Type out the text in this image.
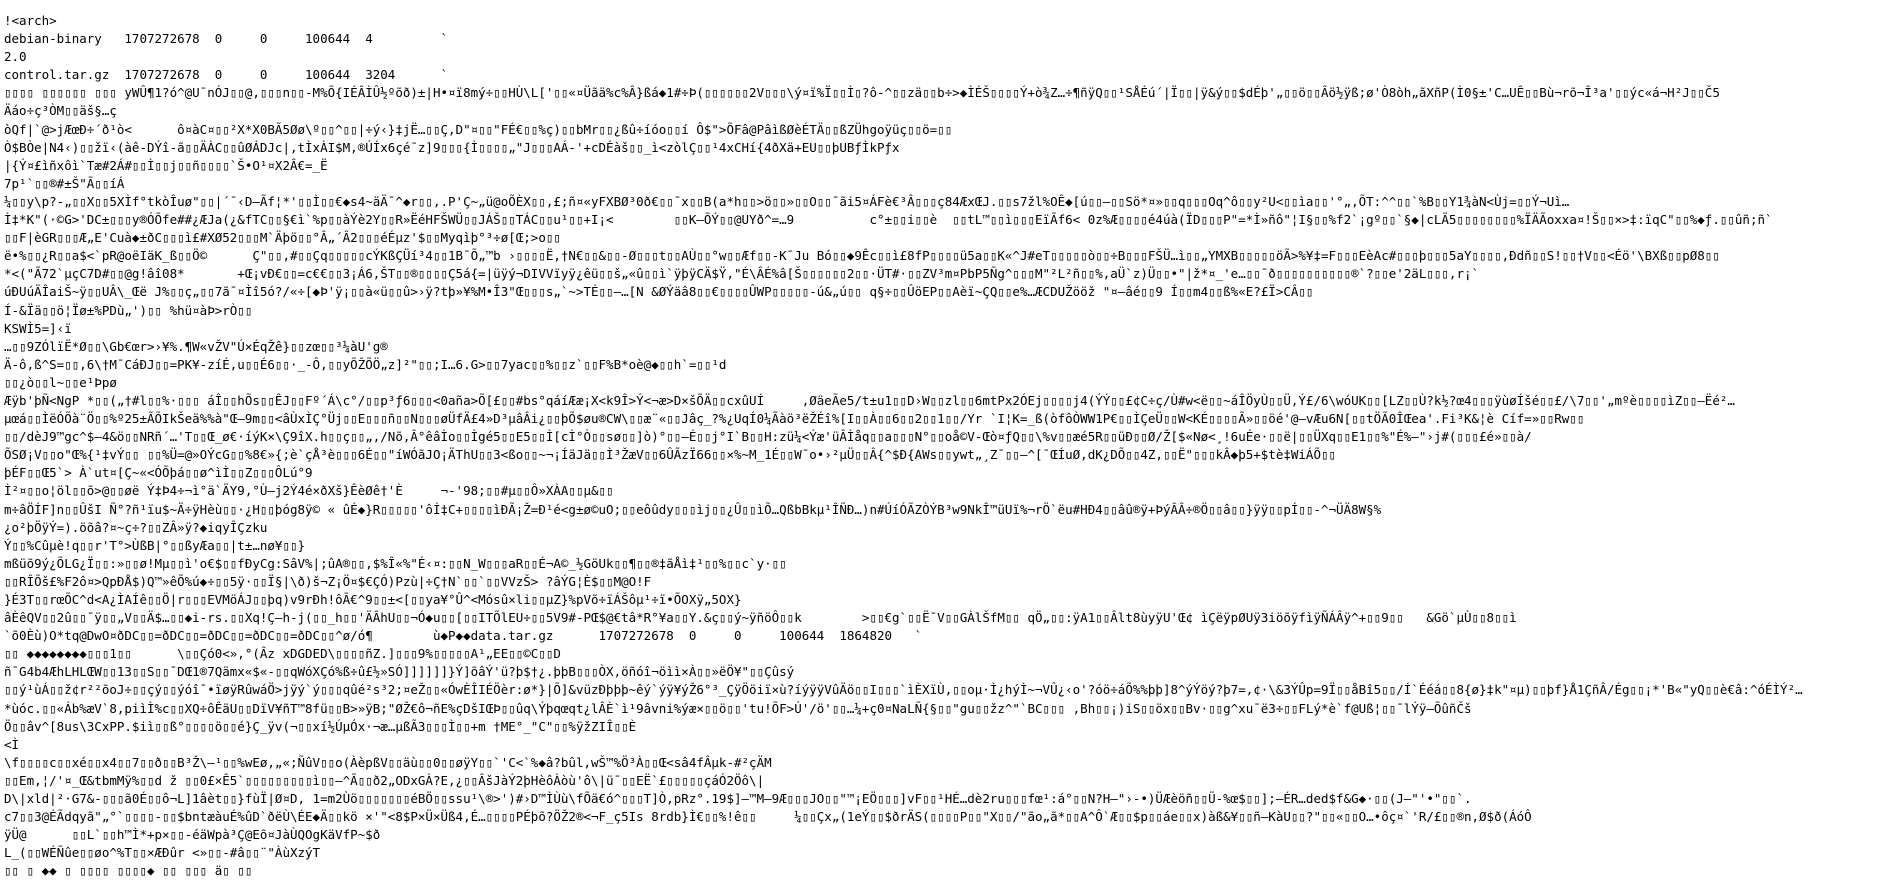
!<arch>
debian-binary   1707272678  0     0     100644  4         `
2.0
control.tar.gz  1707272678  0     0     100644  3204      `
▯▯▯▯ ▯▯▯▯▯▯ ▯▯▯ yWÛ¶1?ó^@U¯nÓJ▯▯@,▯▯▯n▯▯-M%Õ{IÉÂÌÛ½ºõð)±|H•¤ï8mý÷▯▯HÙ\L['▯▯«¤Üãä%c%Â}ßá◆1#÷Þ(▯▯▯▯▯▯2V▯▯▯\ý¤ï%Ï▯▯Ì▯?ô-^▯▯zä▯▯b÷>◆ÌÉŠ▯▯▯▯Ý+ò¾Z…÷¶ñÿQ▯▯¹SÅÉú´|Ï▯▯|ÿ&ý▯▯$dÉþ'„▯▯ö▯▯Âö½ÿß;ø'Ò8òh„ãXñP(Ì0§±'C…UÊ▯▯Bù¬rõ¬Î³a'▯▯ýc«á¬H²J▯▯Č5
Äáo÷ç³ÒM▯▯äš§…ç
òQf|`@>jÆœÐ÷´ð¹ò<      ô¤àC¤▯▯²X*X0BÃ5Øø\º▯▯^▯▯|÷ý‹}‡jË…▯▯Ç,D"¤▯▯"FÉ€▯▯%ç)▯▯bMr▯▯¿ßû÷íóo▯▯í Ô$">ÕFâ@PâìßØèÉTÄ▯▯ßZÜhgoÿüç▯▯ö=▯▯
Ò$BÒe|N4‹)▯▯žï‹(àê-DÝî-ã▯▯ÄÀC▯▯ûØÁDJc|,tÌxÀI$M,®ÚÍx6çé¯z]9▯▯▯{Ì▯▯▯▯„"J▯▯▯AÁ-'+cDÉàš▯▯_ì<zòlÇ▯▯¹4xCHí{4ðXä+EU▯▯þUBƒÌkPƒx
|{Ý¤£ìñxôì`Tæ#2Á#▯▯Ì▯▯j▯▯ñ▯▯▯▯`Š•O¹¤X2Â€=_Ë
7p¹`▯▯®#±Š"Ã▯▯íÁ
¼▯▯y\p?-„▯▯X▯▯5XÌf°tkòÎuø"▯▯|´¯‹D–Ãf¦*'▯▯Ì▯▯€◆s4~äÄ¯^◆r▯▯,.P'Ç~„ü@oÕÈX▯▯,£;ñ¤«yFXBØ³0ð€▯▯¯x▯▯B(a*h▯▯>ö▯▯»▯▯O▯▯¯ãi5¤ÁFè€³Â▯▯▯ç84ÆxŒJ.▯▯s7žl%OÊ◆[ú▯▯–▯▯Sö*¤»▯▯q▯▯▯Oq^ô▯▯y²U<▯▯ìa▯▯'°„,ÕT:^^▯▯`%B▯▯Y1¾àN<Ùj=▯▯Ý¬Uì…
Ì‡*K"(·©G>'DC±▯▯▯y®ÓÕfe##¿ÆJa(¿&fTC▯▯§€ì`%p▯▯àÝè2Y▯▯R»ËéHFŠWÜ▯▯JÁŠ▯▯TÁC▯▯u¹▯▯+I¡<        ▯▯K–ÕÝ▯▯@UYð^=…9          c°±▯▯i▯▯è  ▯▯tL™▯▯ì▯▯▯EïÃf6< 0z%Æ▯▯▯▯é4úà(ÏD▯▯▯P"=*Ì»ñô"¦I§▯▯%f2`¡gº▯▯`§◆|cLÄ5▯▯▯▯▯▯▯▯%ÏÄÃoxxa¤!Š▯▯×>‡:ïqC"▯▯%◆ƒ.▯▯ûñ;ñ`
▯▯F|èGR▯▯▯Æ„E'Cuà◆±ðC▯▯▯ì£#XØ52▯▯▯M`Äþö▯▯°Â„´Â2▯▯▯éÉµz'$▯▯Myqìþ°³÷ø[Œ;>o▯▯
ë•%▯▯¿R▯▯a$<`pR@oëIäK_ß▯▯Ö©      Ç"▯▯,#▯▯Çq▯▯▯▯▯cÝKßÇÜí³4▯▯1B¯Õ„™b ›▯▯▯▯Ë,†N€▯▯&▯▯-Ø▯▯▯t▯▯AÙ▯▯°w▯▯Æf▯▯-K¯Ju Bó▯▯◆9Êc▯▯ì£8fP▯▯▯▯ü5a▯▯K«^J#eT▯▯▯▯▯ò▯▯÷B▯▯▯FŠÜ…ì▯▯„YMXB▯▯▯▯▯öÃ>%¥‡=F▯▯▯EèAc#▯▯▯þ▯▯▯5aY▯▯▯▯,Ðdñ▯▯S!▯▯†V▯▯<Éö'\BXß▯▯pØ8▯▯
*<("Ã72`µçC7D#▯▯@g!âî08*       +Œ¡vÐ€▯▯=c€€▯▯3¡Á6,ŠT▯▯®▯▯▯▯Ç5á{=|üÿý¬DIVVïyÿ¿êü▯▯š„«û▯▯ì`ÿþÿCÄ$Ÿ,"É\ÂÉ%â[Š▯▯▯▯▯▯2▯▯·ÜT#·▯▯ZV³m¤PbP5Ñg^▯▯▯M"²L²ñ▯▯%,aÜ`z)Ü▯▯•"|ž*¤_'e…▯▯¯ð▯▯▯▯▯▯▯▯▯▯®`?▯▯e'2äL▯▯▯,r¡`
úÐUúÄÎaiŠ~ÿ▯▯UÂ\_Œë J%▯▯ç„▯▯7ã¯¤Ìî5ó?/«÷[◆Þ'ÿ¡▯▯à«ü▯▯û>›ÿ?tþ»¥%M•Î3"Œ▯▯▯s„`~>TÉ▯▯–…[N &ØÝäâ8▯▯€▯▯▯▯ÛWP▯▯▯▯▯-ú&„ú▯▯ q§÷▯▯ÛöEP▯▯Aèï~ÇQ▯▯e%…ÆCDUŽööž "¤–âé▯▯9 Í▯▯m4▯▯ß%«E?£Ï>CÂ▯▯
Í-&Ïä▯▯ö¦Ïø±%PDù„')▯▯ %hü¤àÞ>rÒ▯▯
KSWÌ5=]‹ï
…▯▯9ZÓlïË*Ø▯▯\Gb€œr>›¥%.¶W«vŽV"Ú×ÉqŽê}▯▯zœ▯▯³¼àU'g®
Ä-ô,ß^S=▯▯,6\†M¯CáÐJ▯▯=PK¥-zíÉ,u▯▯É6▯▯·_-Ô,▯▯yÕŽÕÖ„z]²"▯▯;I…6.G>▯▯7yac▯▯%▯▯z`▯▯F%B*oè@◆▯▯h`=▯▯¹d
▯▯¿ò▯▯l~▯▯e¹Þpø
Æÿb'þÑ<NgP *▯▯(„†#l▯▯%·▯▯▯ áÎ▯▯hÕs▯▯ÊJ▯▯Fº´Á\c°/▯▯p³ƒ6▯▯▯<0aña>Õ[£▯▯#bs°qáíÆæ¡X<k9Î>Ý<¬æ>D×šÕÄ▯▯cxûUÍ     ,ØäeÃe5/t±u1▯▯D›W▯▯zl▯▯6mtPx2ÓEj▯▯▯▯j4(ÝÝ▯▯£¢C÷ç/Ù#w<ë▯▯~áÎÖyÙ▯▯Ü,Ý£/6\wóUK▯▯[LZ▯▯Ù?k½?œ4▯▯▯ÿùøÍšé▯▯£/\7▯▯'„mºè▯▯▯▯ìZ▯▯–Ëé²…
µœá▯▯ÌëÓÕà¨Ö▯▯%º25±ÃÕIkŠeä%%à"Œ–9m▯▯<âÙxÌÇ°Üj▯▯E▯▯▯ñ▯▯N▯▯▯øÜfÄ£4»D³µâÂi¿▯▯þÕ$øu®CW\▯▯æ¨«▯▯Jâç_?%¿UqÍ0¼Ãàö³ëŽÉî%[I▯▯À▯▯6▯▯2▯▯1▯▯/Yr `I¦K=_ß(òfôÒWW1P€▯▯ÌÇeÜ▯▯W<KÉ▯▯▯▯Ã»▯▯öé'@–vÆu6N[▯▯tÖÃ0ÎŒea'.Fi³K&¦è Cíf=»▯▯Rw▯▯
▯▯/dèJ9™gc^$–4&ö▯▯NRñ´…'T▯▯Œ_ø€·íýK×\Ç9îX.h▯▯ç▯▯„,/Nõ,Â°êâÌo▯▯Ìgé5▯▯E5▯▯Ì[cÌ°Ò▯▯sø▯▯]ò)°▯▯–É▯▯j°I`B▯▯H:zü¼<Ýæ'üÂÌåq▯▯a▯▯▯N°▯▯oå©V-Œò¤ƒQ▯▯\%v▯▯æé5R▯▯üÐ▯▯Ø/Ž[$«Nø<¸!6uÉe·▯▯ë|▯▯ÜXq▯▯E1▯▯%"É%–"›j#(▯▯▯£é»▯▯à/
ÕSØ¡V▯▯o"Œ%{¹‡vÝ▯▯ ▯▯%Ü=@»OÝcG▯▯%8€»{;è`çÅ³è▯▯▯6É▯▯"íWÓãJO¡ÄThU▯▯3<ßo▯▯~¬¡ÍäJä▯▯Ì³ŽæV▯▯6ÛÃzÏ66▯▯×%~M_1É▯▯W¯o•›²µÜ▯▯Â{^$Ð{AWs▯▯ywt„¸Z¯▯▯–^[¯ŒÍuØ,dK¿DÕ▯▯4Z,▯▯Ë"▯▯▯kÂ◆þ5+$tè‡WiÁÕ▯▯
þÉF▯▯Œ5`> À`ut¤[Ç~«<ÓÕþá▯▯ø^ìÌ▯▯Z▯▯▯ÔLú°9
Ì²¤▯▯o¦öl▯▯õ>@▯▯øë Ý‡Þ4÷¬ì°ä`ÄY9,°Ù–j2Ý4é×ðXš}ÊèØê†'È     ¬-'98;▯▯#µ▯▯Ô»XÀA▯▯µ&▯▯
m÷âÖÍF]n▯▯ÛšI Ñ°?ñ¹ïu$~Ä÷ÿHèù▯▯·¿H▯▯þóg8ÿ© « ûÉ◆}R▯▯▯▯▯'ôÍ‡C+▯▯▯▯ìÐÃ¡Ž=Ð¹é<g±ø©uO;▯▯eôûdy▯▯▯ìj▯▯¿Û▯▯ìÕ…QßbBkµ¹ÎÑÐ…)n#ÚíÓÃZÒÝB³w9NkÎ™üUï%¬rÖ`ëu#HÐ4▯▯âû®ÿ+ÞýÂÂ÷®Ö▯▯â▯▯}ÿÿ▯▯pÍ▯▯-^¬ÜÄ8W§%
¿o²þÖÿÝ=).öõâ?¤~ç÷?▯▯ZÂ»ÿ?◆iqyÎÇzku
Ý▯▯%Cûµè!q▯▯r'T°>ÙßB|°▯▯ßyÆa▯▯|t±…nø¥▯▯}
mßüõ9ý¿ÕLG¿Ï▯▯:»▯▯ø!Mµ▯▯ì'o€$▯▯fÐyCg:SâV%|;ûA®▯▯,$%Î«%"É‹¤:▯▯N_W▯▯▯aR▯▯É¬A©_½GöUk▯▯¶▯▯®‡ãÅì‡¹▯▯%▯▯c`y·▯▯
▯▯RÎÕš£%F2ô¤>QpÐÅ$)Q™»êÕ%ú◆÷▯▯5ÿ·▯▯Ï§|\ð)š¬Z¡Ö¤$€ÇÓ)Pzù|÷Ç†N`▯▯`▯▯VVzŠ> ?âÝG¦È$▯▯M@O!F
}É3T▯▯rœÕC^d<A¿ÌAÍê▯▯Ö|r▯▯▯EVMöÁJ▯▯þq)v9rÐh!ôÃ€^9▯▯±<[▯▯ya¥°Û^<Mósû×li▯▯µZ}%pVõ÷ïÁŠôµ¹÷ï•ÕOXÿ„5OX}
âÈêQV▯▯2û▯▯¯ÿ▯▯„V▯▯Ä$…▯▯◆i-rs.▯▯Xq!Ç–h-j(▯▯_h▯▯'ÄÂhU▯▯¬Ó◆u▯▯[▯▯ITÕlEU÷▯▯5V9#-PŒ$@€tâ*R°¥a▯▯Y.&ç▯▯ý~ÿñöÔ▯▯k        >▯▯€g`▯▯Ë¯V▯▯GÀlŠfM▯▯ qÖ„▯▯:ÿA1▯▯Âlt8ùyÿU'Œ¢ ìÇëÿpØUÿ3iöõÿfìÿÑÁÂÿ^+▯▯9▯▯   &Gö`µÙ▯▯8▯▯ì
`õ0Èù)O*tq@DwO¤ðDC▯▯=ðDC▯▯=ðDC▯▯=ðDC▯▯=ðDC▯▯^ø/ó¶        ù◆P◆◆data.tar.gz      1707272678  0     0     100644  1864820   `
▯▯ ◆◆◆◆◆◆◆◆▯▯▯1▯▯      \▯▯Çó0<»,°(Âz xDGDED\▯▯▯▯ñZ.]▯▯▯9%▯▯▯▯▯A¹„EE▯▯©C▯▯D
ñ¯G4b4ÆhLHLŒW▯▯13▯▯S▯▯¯DŒ1®7Qämx«$«-▯▯qWóXÇó%ß÷û£½»SÓ]]]]]]}Ý]õâÝ'ü?þ$†¿.þþB▯▯▯ÒX,öñóî¬öìì×À▯▯»ëÖ¥"▯▯Çûsý
▯▯ý¹ùÁ▯▯ž¢r²²õoJ÷▯▯çý▯▯ýóî¯•ïøÿRûwáÖ>jÿý`ý▯▯▯qûé²s³2;¤eŽ▯▯«ÓwÈÎIÉÖèr:ø*}|Õ]&vüzÐþþþ~êý`ýÿ¥ýŽ6°³_ÇÿÖöiï×ù?íýÿÿVûÄö▯▯I▯▯▯`ìÈXïÙ,▯▯oµ·Ì¿hýÌ~¬VÛ¿‹o'?óö÷áÕ%%þþ]8^ýÝöý?þ7=,¢·\&3ÝÛp=9Ï▯▯åBî5▯▯/Í`Ééá▯▯8{ø}‡k"¤µ)▯▯þf}Å1ÇñÂ/Ég▯▯¡*'B«"yQ▯▯è€â:^óÉÌÝ²…
*ùóc.▯▯«Áb%æV`8,piìÌ%c▯▯XQ÷ôÊäU▯▯DïV¥ñT™8fü▯▯B>»ÿB;"ØŽ€ô¬ñE%çDšIŒÞ▯▯ûq\Ýþqœqt¿lÂÈ`ì¹9âvni%ýæ×▯▯ö▯▯'tu!ÕF>Ú'/ö'▯▯…¼+ç0¤NaLÑ{§▯▯"gu▯▯žz^"`BC▯▯▯ ,Bh▯▯¡)iS▯▯öx▯▯Bv·▯▯g^xu¯ë3÷▯▯FLý*è`f@Uß¦▯▯¯lÝÿ–ÕûñČš
Ö▯▯âv^[8us\3CxPP.$iì▯▯ß°▯▯▯▯ö▯▯é}Ç_ÿv(¬▯▯xí½ÚµÓx·¬æ…µßÃ3▯▯▯Ì▯▯+m †ME°_"C"▯▯%ÿžZIÎ▯▯È
<Ì
\f▯▯▯▯c▯▯xé▯▯x4▯▯7▯▯ð▯▯B³Ž\–¹▯▯%wEø,„«;ÑûV▯▯o(ÀèpßV▯▯äù▯▯0▯▯øÿY▯▯`'C<`%◆â?bûl,wŠ™%Ö³À▯▯Œ<sâ4fÂµk-#²çÄM
▯▯Em,¦/'¤_Œ&tbmMÿ%▯▯d ž ▯▯0£×Ê5`▯▯▯▯▯▯▯▯▯ì▯▯–^Ã▯▯ð2„ODxGÀ?E,¿▯▯ÂšJàÝ2þHèôÀòù'ô\|ü¯▯▯EË`£▯▯▯▯▯çáÓ2Öô\|
D\|xld|²·G7&-▯▯▯ã0É▯▯ô¬L]1âèt▯▯}fùÏ|Ø¤D, 1=m2Ùö▯▯▯▯▯▯▯éBÖ▯▯ssu¹\®>')#›D™ÌÙù\fÕä€ó^▯▯▯T]Ò,pRz°.19$]–™M–9Æ▯▯▯JO▯▯"™¡EÖ▯▯▯]vF▯▯¹HÉ…dè2ru▯▯▯fœ¹:á°▯▯N?H–"›-•)ÜÆèöñ▯▯Ü-%œ$▯▯];–ÉR…ded$f&G◆·▯▯(J–"'•"▯▯`.
c7▯▯3@ÉÃdqyã"„°`▯▯▯▯-▯▯$bntæàuÉ%ûD`ðëÙ\ÉE◆Ä▯▯kö ×'"<8$P×Ü×Üß4,É…▯▯▯▯PÉþõ?ÖŽ2®<¬F_ç5Is 8rdb}Ì€▯▯%!ê▯▯     ¼▯▯Çx„(1eÝ▯▯$ðrÄS(▯▯▯▯P▯▯"X▯▯/"ão„ã*▯▯A^Ô`Æ▯▯$p▯▯áe▯▯x)àß&¥▯▯ñ–KàU▯▯?"▯▯«▯▯O…•ôç¤`'R/£▯▯®n,Ø$ð(ÁóÔ
ÿÜ@      ▯▯L`▯▯h™Ì*+p×▯▯-éäWpà³Ç@Eõ¤JàÙQOgKäVfP~$ð
L_(▯▯WÉÑûe▯▯øo^%T▯▯×ÆÐûr <»▯▯-#â▯▯¨"ÀùXzýT
▯▯ ▯ ◆◆ ▯ ▯▯▯▯ ▯▯▯▯◆ ▯▯ ▯▯▯ ä▯ ▯▯
